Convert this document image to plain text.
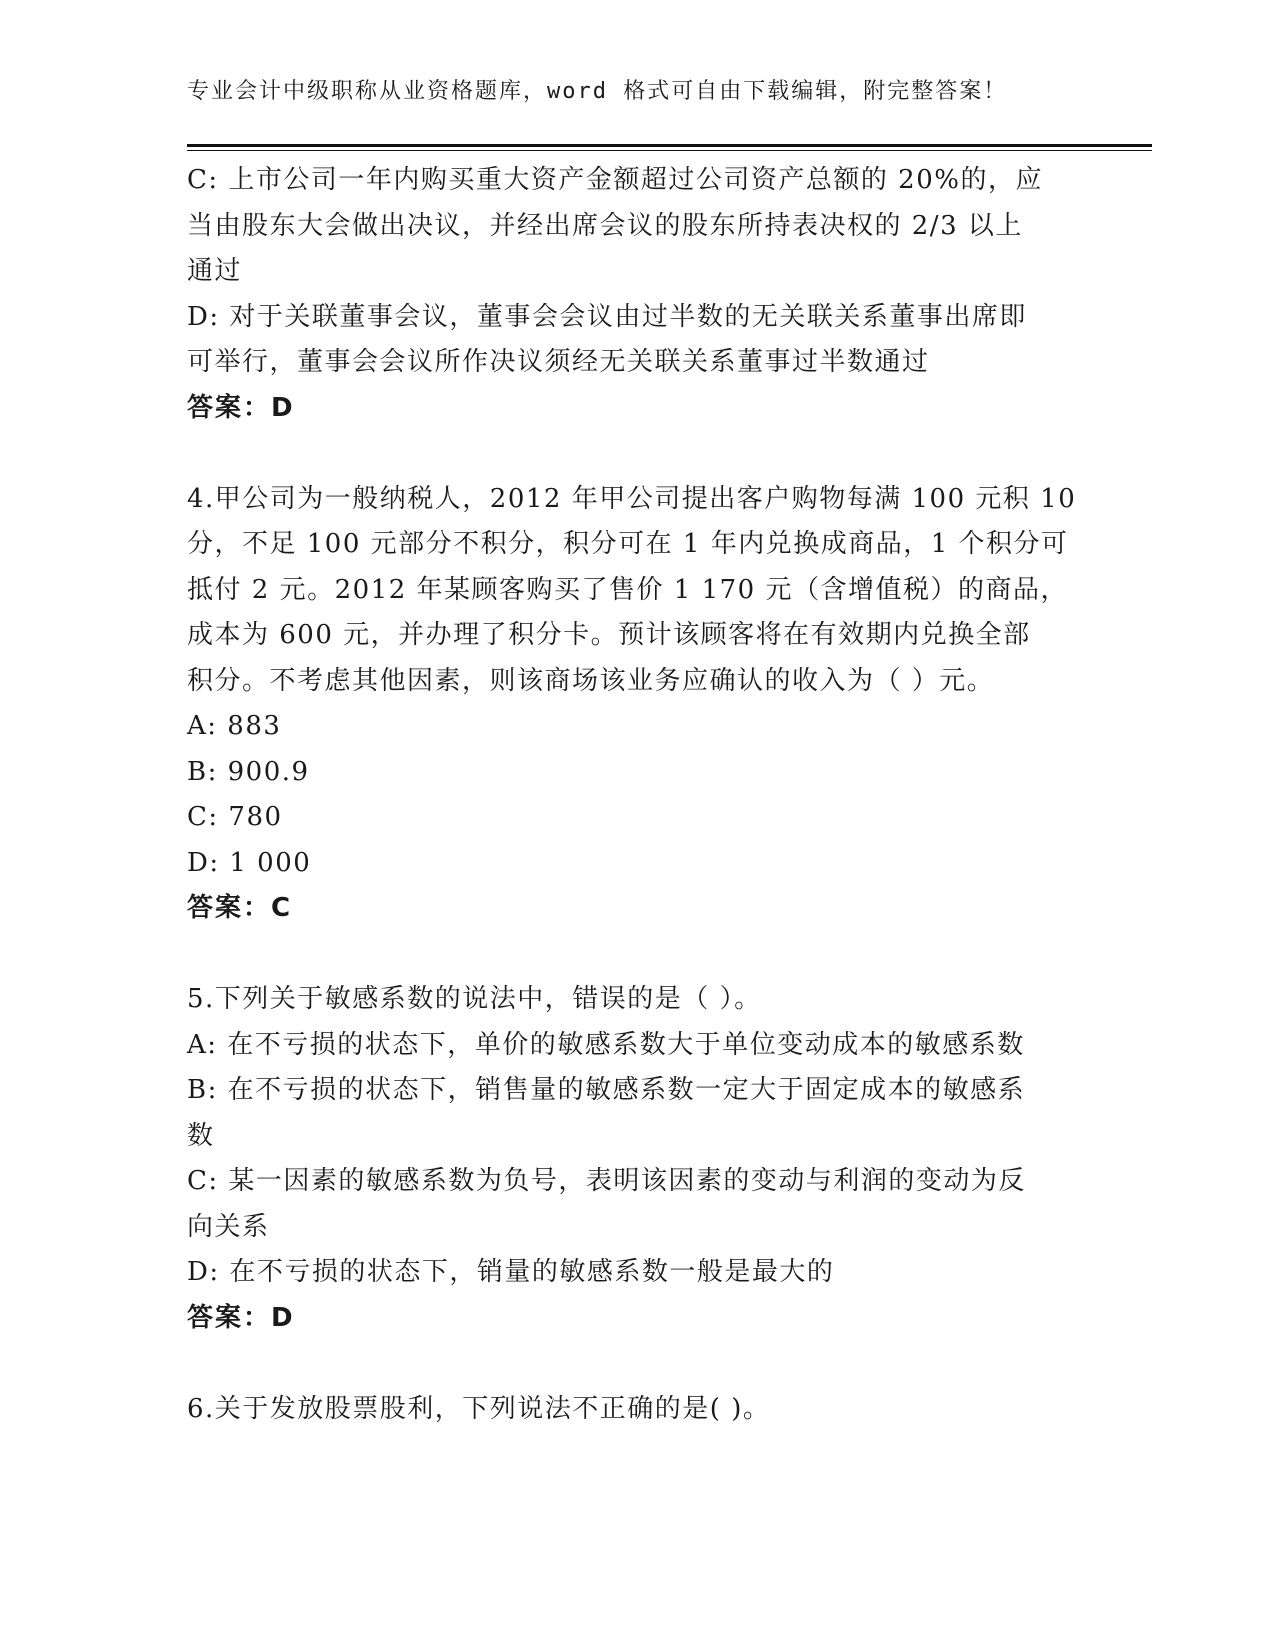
专业会计中级职称从业资格题库，word 格式可自由下载编辑，附完整答案！
C: 上市公司一年内购买重大资产金额超过公司资产总额的 20%的，应
当由股东大会做出决议，并经出席会议的股东所持表决权的 2/3 以上
通过
D: 对于关联董事会议，董事会会议由过半数的无关联关系董事出席即
可举行，董事会会议所作决议须经无关联关系董事过半数通过
答案：D
4.甲公司为一般纳税人，2012 年甲公司提出客户购物每满 100 元积 10
分，不足 100 元部分不积分，积分可在 1 年内兑换成商品，1 个积分可
抵付 2 元。2012 年某顾客购买了售价 1 170 元（含增值税）的商品，
成本为 600 元，并办理了积分卡。预计该顾客将在有效期内兑换全部
积分。不考虑其他因素，则该商场该业务应确认的收入为（ ）元。
A: 883
B: 900.9
C: 780
D: 1 000
答案：C
5.下列关于敏感系数的说法中，错误的是（ ）。
A: 在不亏损的状态下，单价的敏感系数大于单位变动成本的敏感系数
B: 在不亏损的状态下，销售量的敏感系数一定大于固定成本的敏感系
数
C: 某一因素的敏感系数为负号，表明该因素的变动与利润的变动为反
向关系
D: 在不亏损的状态下，销量的敏感系数一般是最大的
答案：D
6.关于发放股票股利，下列说法不正确的是( )。
